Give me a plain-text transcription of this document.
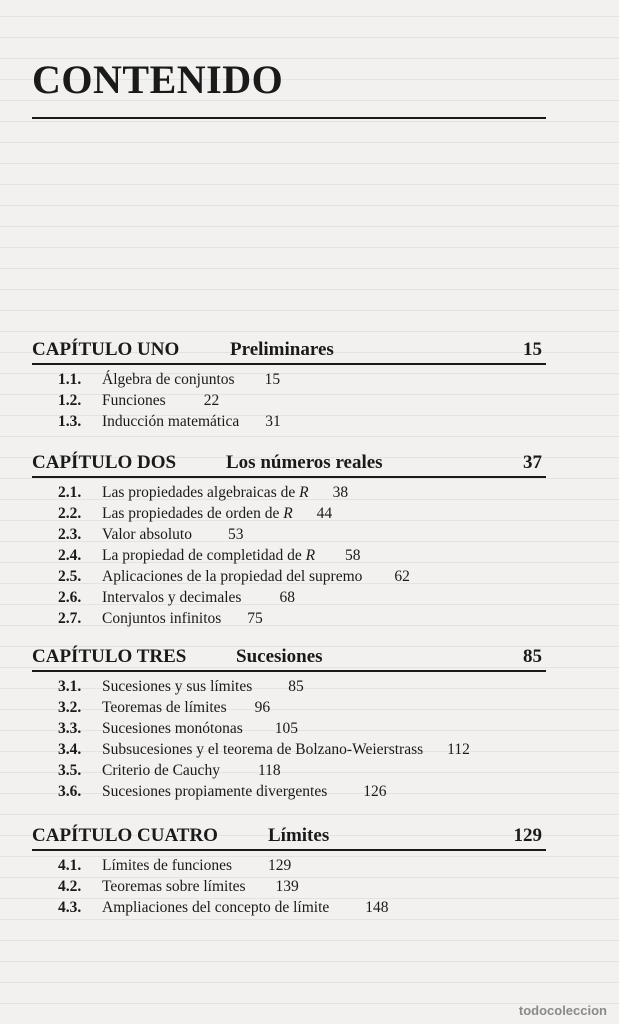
CONTENIDO
CAPÍTULO UNO	Preliminares	15
1.1. Álgebra de conjuntos 15
1.2. Funciones 22
1.3. Inducción matemática 31
CAPÍTULO DOS	Los números reales	37
2.1. Las propiedades algebraicas de R 38
2.2. Las propiedades de orden de R 44
2.3. Valor absoluto 53
2.4. La propiedad de completidad de R 58
2.5. Aplicaciones de la propiedad del supremo 62
2.6. Intervalos y decimales 68
2.7. Conjuntos infinitos 75
CAPÍTULO TRES	Sucesiones	85
3.1. Sucesiones y sus límites 85
3.2. Teoremas de límites 96
3.3. Sucesiones monótonas 105
3.4. Subsucesiones y el teorema de Bolzano-Weierstrass 112
3.5. Criterio de Cauchy 118
3.6. Sucesiones propiamente divergentes 126
CAPÍTULO CUATRO	Límites	129
4.1. Límites de funciones 129
4.2. Teoremas sobre límites 139
4.3. Ampliaciones del concepto de límite 148
todocoleccion
